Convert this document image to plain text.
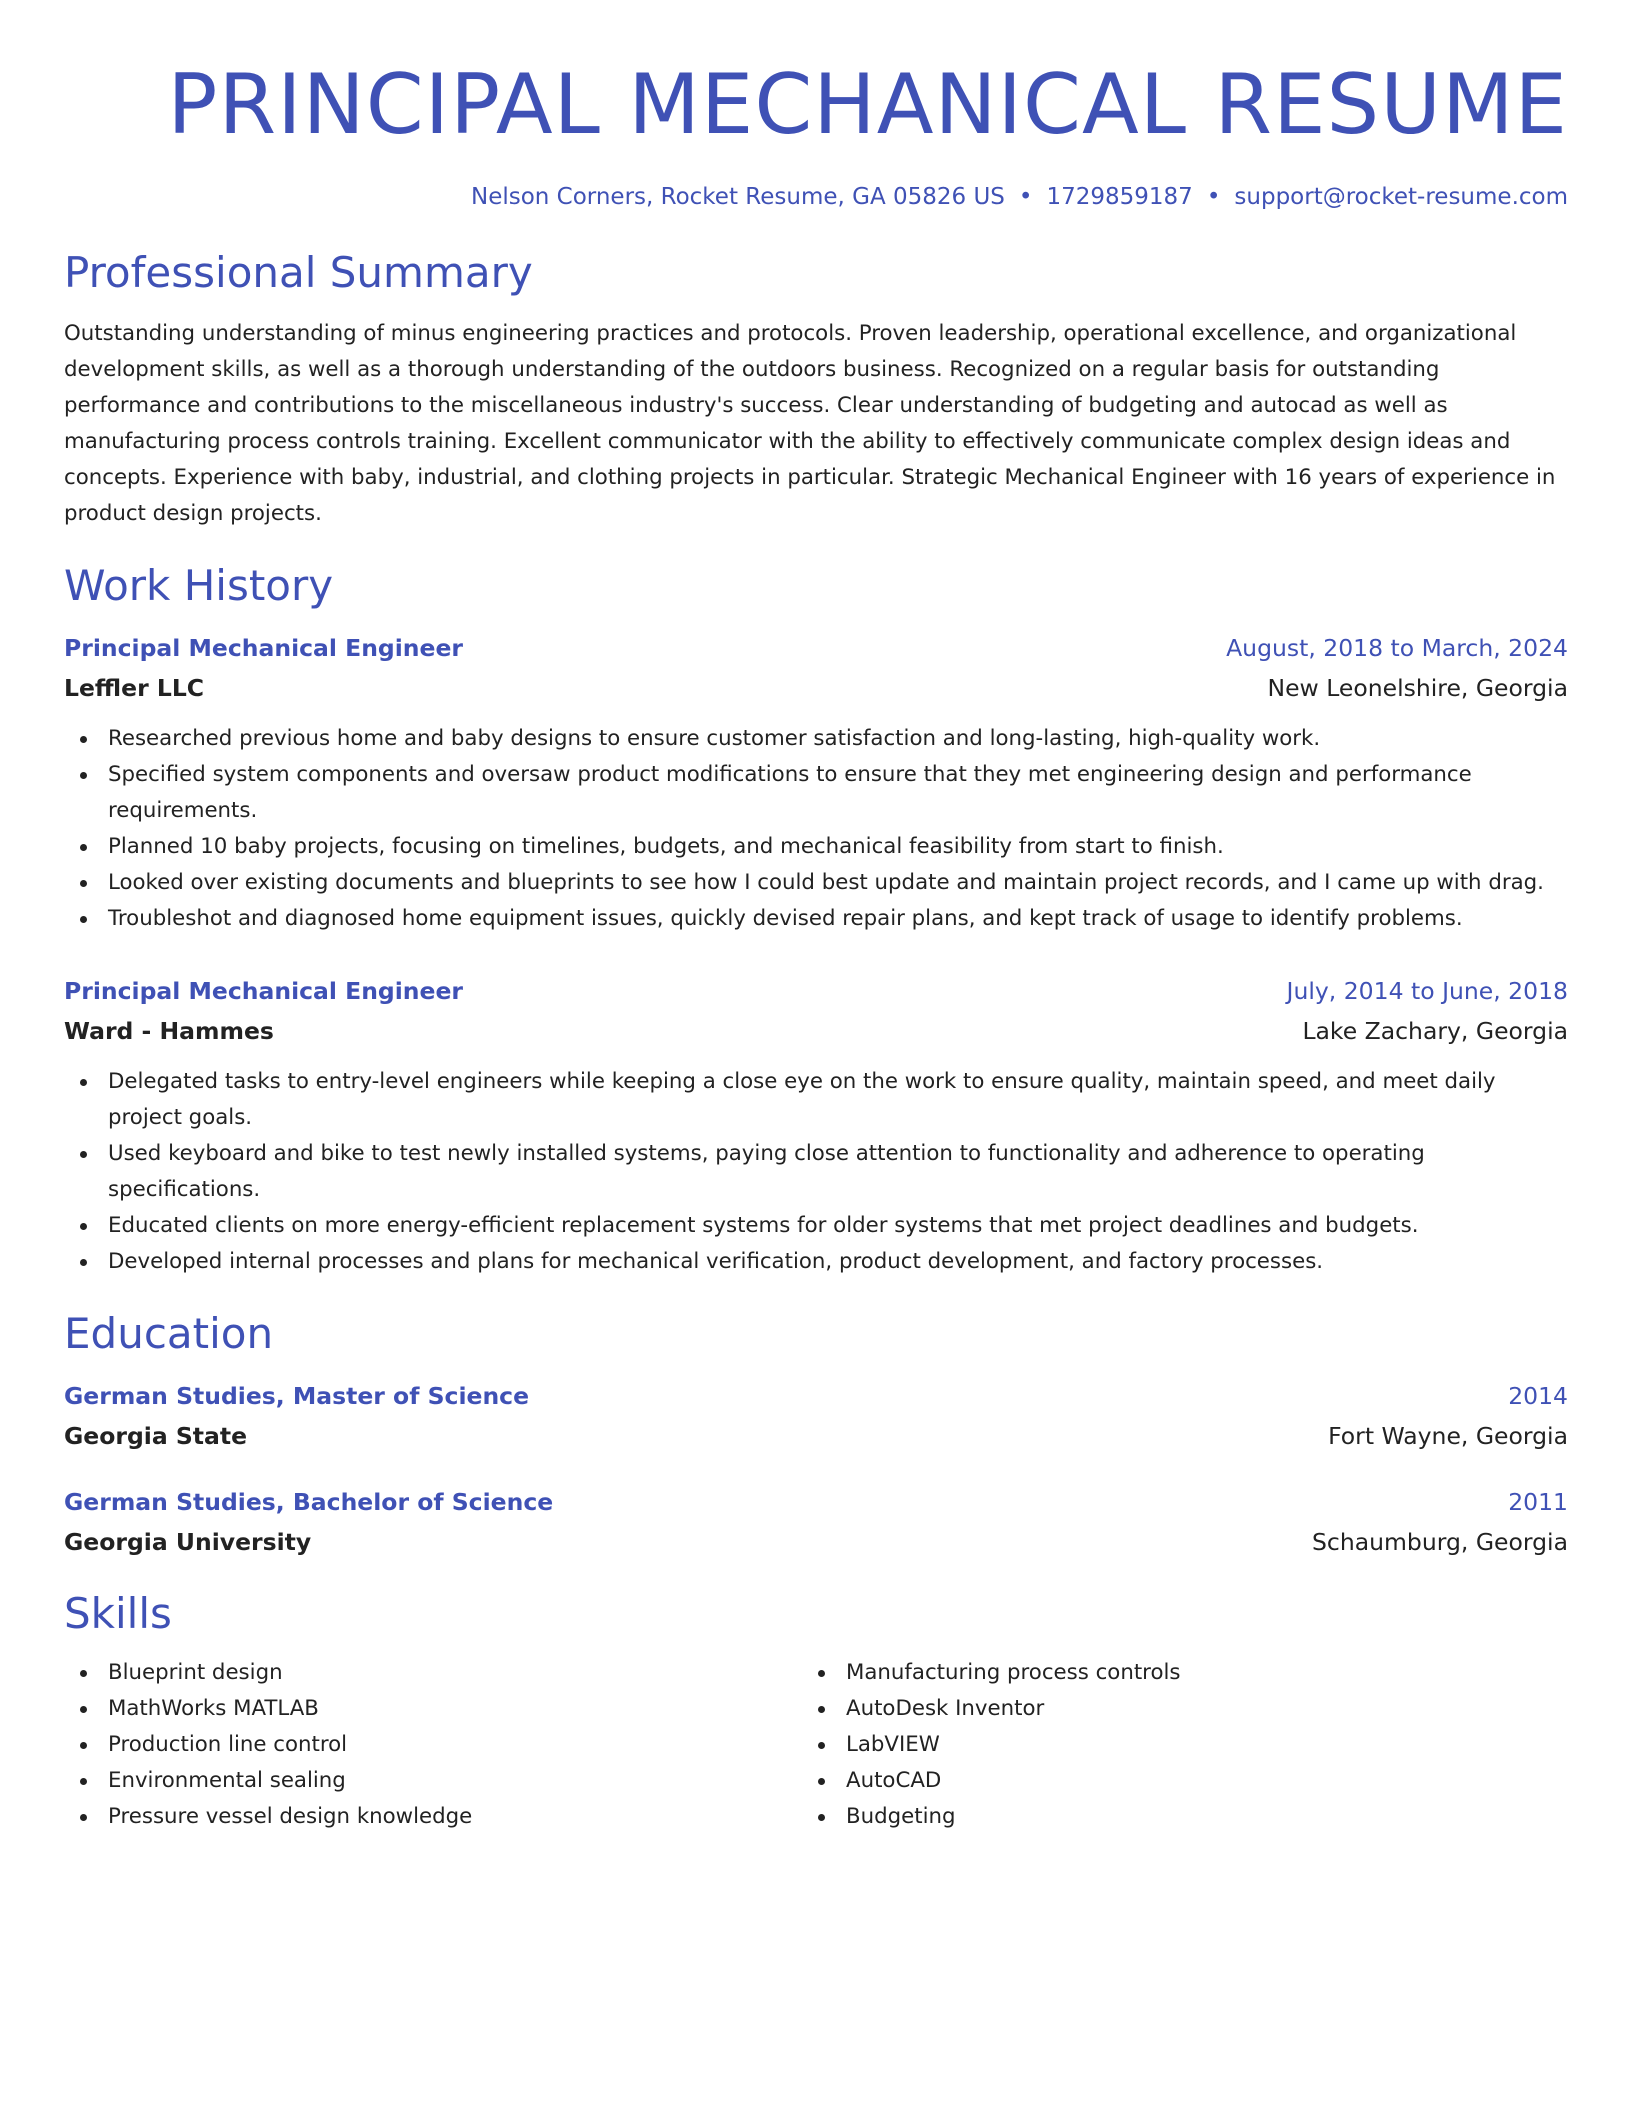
PRINCIPAL MECHANICAL RESUME
Nelson Corners, Rocket Resume, GA 05826 US • 1729859187 • support@rocket-resume.com
Professional Summary
Outstanding understanding of minus engineering practices and protocols. Proven leadership, operational excellence, and organizational development skills, as well as a thorough understanding of the outdoors business. Recognized on a regular basis for outstanding performance and contributions to the miscellaneous industry's success. Clear understanding of budgeting and autocad as well as manufacturing process controls training. Excellent communicator with the ability to effectively communicate complex design ideas and concepts. Experience with baby, industrial, and clothing projects in particular. Strategic Mechanical Engineer with 16 years of experience in product design projects.
Work History
Principal Mechanical Engineer	August, 2018 to March, 2024
Leffler LLC	New Leonelshire, Georgia
Researched previous home and baby designs to ensure customer satisfaction and long-lasting, high-quality work.
Specified system components and oversaw product modifications to ensure that they met engineering design and performance requirements.
Planned 10 baby projects, focusing on timelines, budgets, and mechanical feasibility from start to finish.
Looked over existing documents and blueprints to see how I could best update and maintain project records, and I came up with drag.
Troubleshot and diagnosed home equipment issues, quickly devised repair plans, and kept track of usage to identify problems.
Principal Mechanical Engineer	July, 2014 to June, 2018
Ward - Hammes	Lake Zachary, Georgia
Delegated tasks to entry-level engineers while keeping a close eye on the work to ensure quality, maintain speed, and meet daily project goals.
Used keyboard and bike to test newly installed systems, paying close attention to functionality and adherence to operating specifications.
Educated clients on more energy-efficient replacement systems for older systems that met project deadlines and budgets.
Developed internal processes and plans for mechanical verification, product development, and factory processes.
Education
German Studies, Master of Science	2014
Georgia State	Fort Wayne, Georgia
German Studies, Bachelor of Science	2011
Georgia University	Schaumburg, Georgia
Skills
Blueprint design
MathWorks MATLAB
Production line control
Environmental sealing
Pressure vessel design knowledge
Manufacturing process controls
AutoDesk Inventor
LabVIEW
AutoCAD
Budgeting
